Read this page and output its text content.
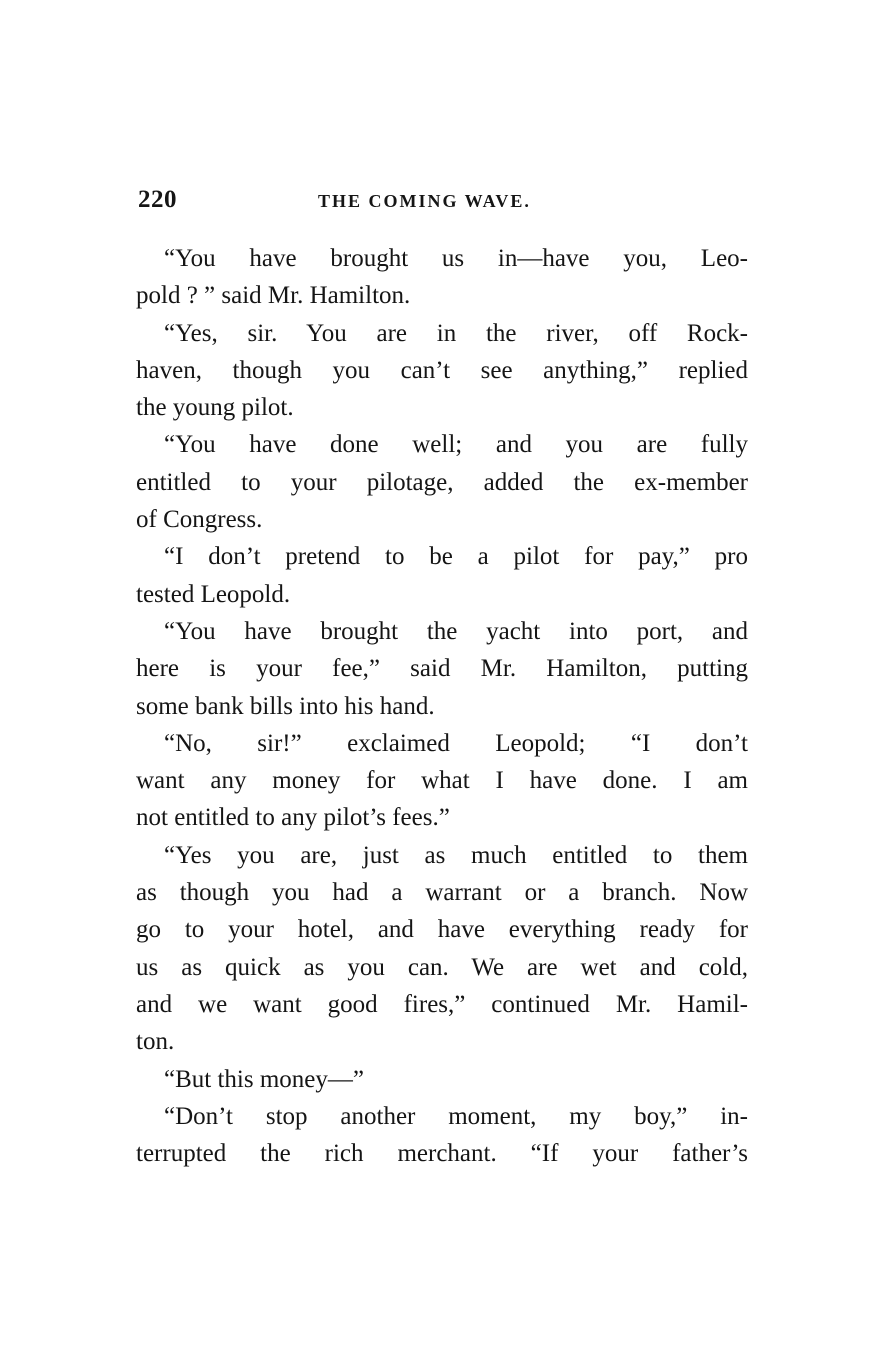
220	THE COMING WAVE.
“You have brought us in—have you, Leo-
pold ? ” said Mr. Hamilton.
“Yes, sir. You are in the river, off Rock-
haven, though you can’t see anything,” replied
the young pilot.
“You have done well; and you are fully
entitled to your pilotage, added the ex-member
of Congress.
“I don’t pretend to be a pilot for pay,” pro
tested Leopold.
“You have brought the yacht into port, and
here is your fee,” said Mr. Hamilton, putting
some bank bills into his hand.
“No, sir!” exclaimed Leopold; “I don’t
want any money for what I have done. I am
not entitled to any pilot’s fees.”
“Yes you are, just as much entitled to them
as though you had a warrant or a branch. Now
go to your hotel, and have everything ready for
us as quick as you can. We are wet and cold,
and we want good fires,” continued Mr. Hamil-
ton.
“But this money—”
“Don’t stop another moment, my boy,” in-
terrupted the rich merchant. “If your father’s
